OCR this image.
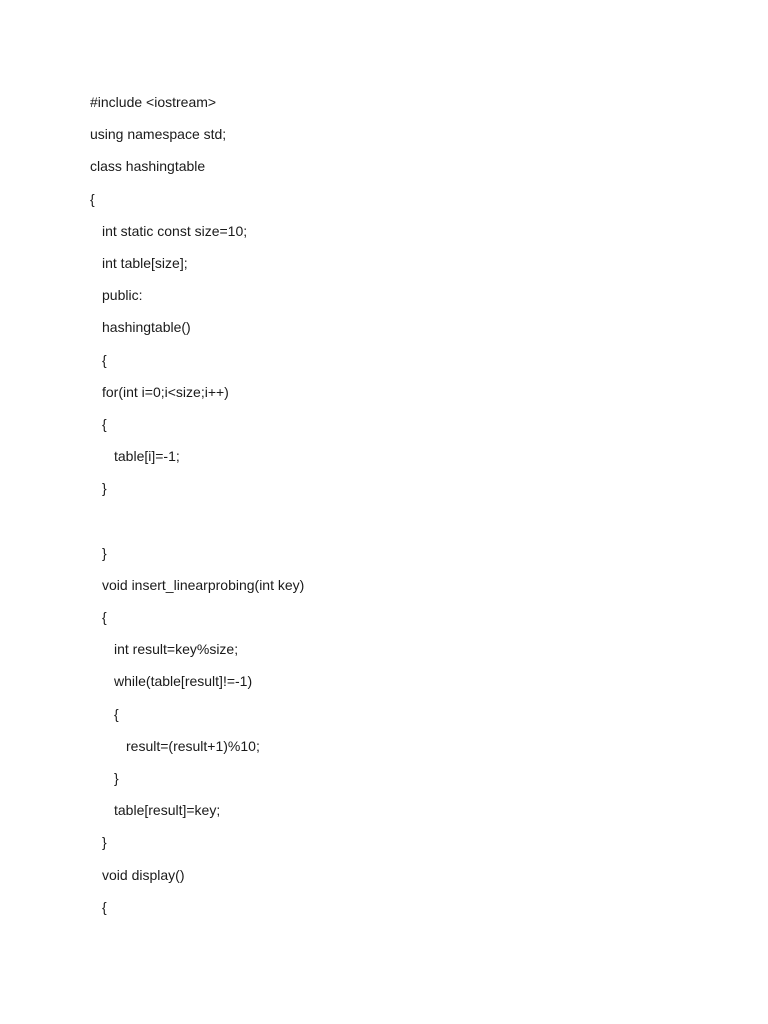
#include <iostream>
using namespace std;
class hashingtable
{
int static const size=10;
int table[size];
public:
hashingtable()
{
for(int i=0;i<size;i++)
{
table[i]=-1;
}
}
void insert_linearprobing(int key)
{
int result=key%size;
while(table[result]!=-1)
{
result=(result+1)%10;
}
table[result]=key;
}
void display()
{
